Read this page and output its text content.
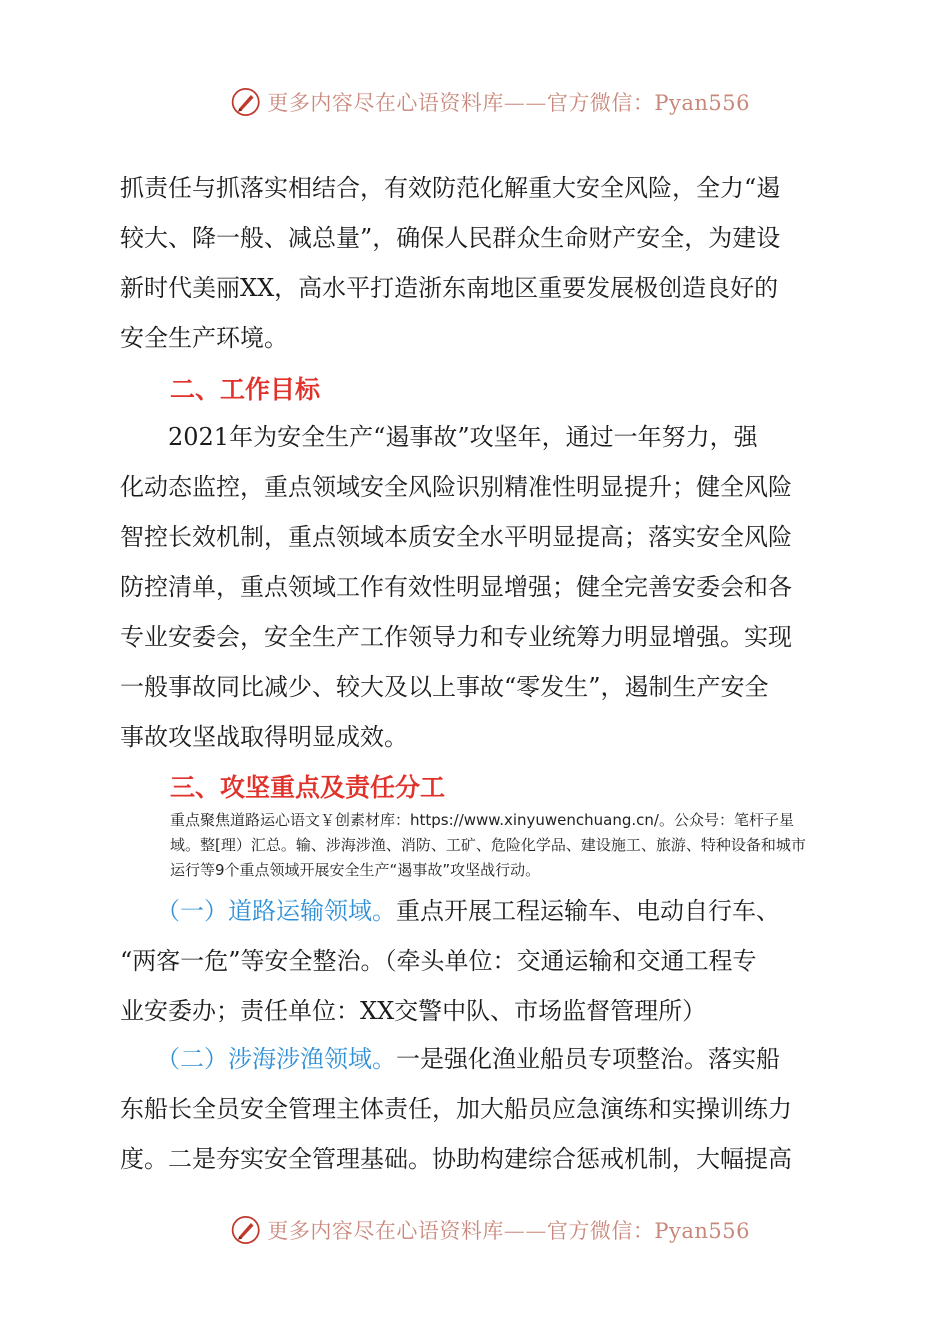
更多内容尽在心语资料库——官方微信：Pyan556
抓责任与抓落实相结合，有效防范化解重大安全风险，全力“遏
较大、降一般、减总量”，确保人民群众生命财产安全，为建设
新时代美丽XX，高水平打造浙东南地区重要发展极创造良好的
安全生产环境。
二、工作目标
　　2021年为安全生产“遏事故”攻坚年，通过一年努力，强
化动态监控，重点领域安全风险识别精准性明显提升；健全风险
智控长效机制，重点领域本质安全水平明显提高；落实安全风险
防控清单，重点领域工作有效性明显增强；健全完善安委会和各
专业安委会，安全生产工作领导力和专业统筹力明显增强。实现
一般事故同比减少、较大及以上事故“零发生”，遏制生产安全
事故攻坚战取得明显成效。
三、攻坚重点及责任分工
重点聚焦道路运心语文￥创素材库：https://www.xinyuwenchuang.cn/。公众号：笔杆子星
域。整[理）汇总。输、涉海涉渔、消防、工矿、危险化学品、建设施工、旅游、特种设备和城市
运行等9个重点领域开展安全生产“遏事故”攻坚战行动。
　　（一）道路运输领域。重点开展工程运输车、电动自行车、
“两客一危”等安全整治。（牵头单位：交通运输和交通工程专
业安委办；责任单位：XX交警中队、市场监督管理所）
　　（二）涉海涉渔领域。一是强化渔业船员专项整治。落实船
东船长全员安全管理主体责任，加大船员应急演练和实操训练力
度。二是夯实安全管理基础。协助构建综合惩戒机制，大幅提高
更多内容尽在心语资料库——官方微信：Pyan556
